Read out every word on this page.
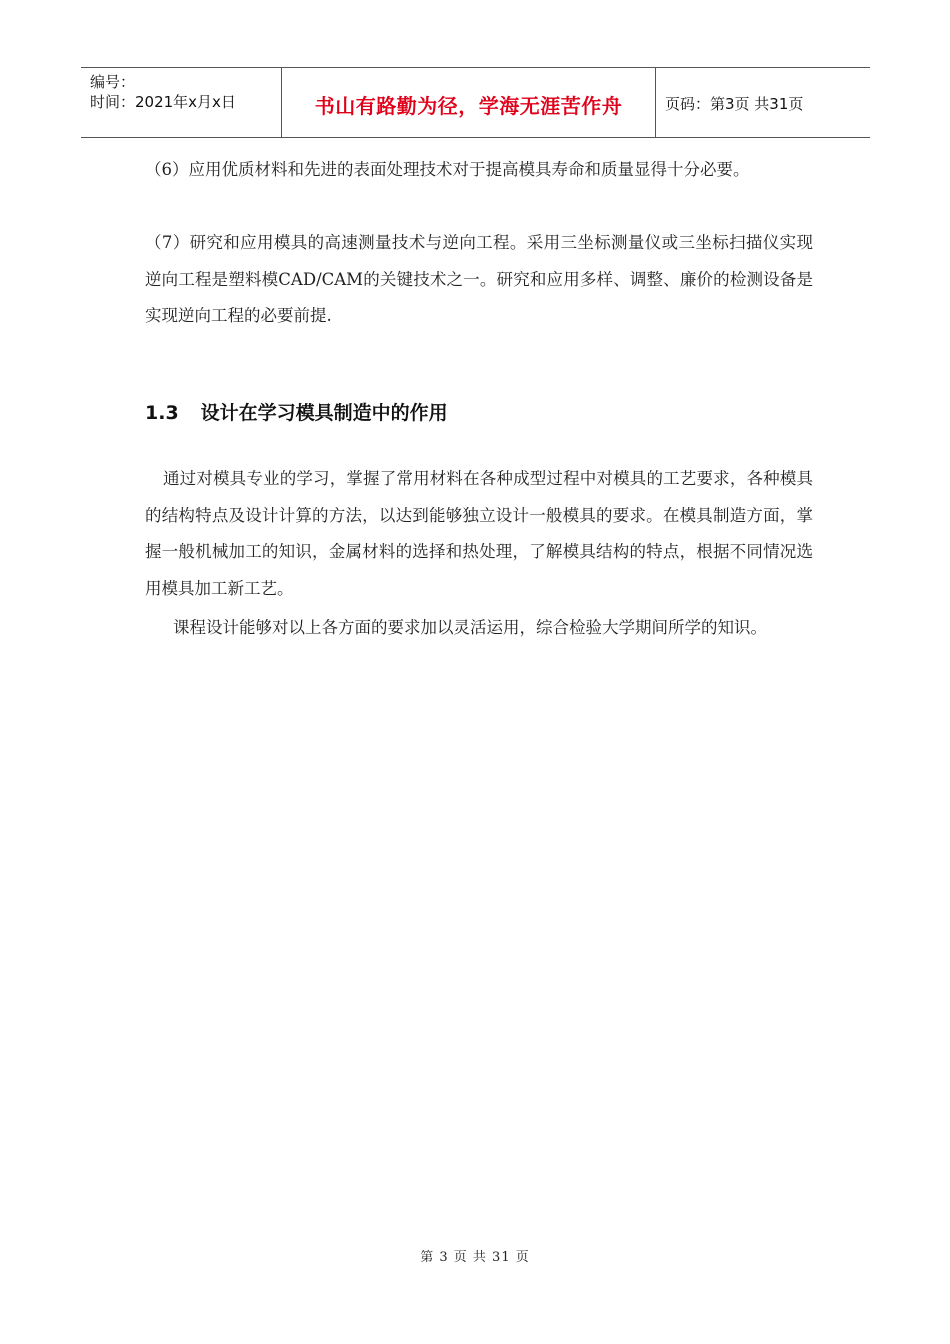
编号：
时间：2021年x月x日	书山有路勤为径，学海无涯苦作舟	页码：第3页 共31页

（6）应用优质材料和先进的表面处理技术对于提高模具寿命和质量显得十分必要。

（7）研究和应用模具的高速测量技术与逆向工程。采用三坐标测量仪或三坐标扫描仪实现逆向工程是塑料模CAD/CAM的关键技术之一。研究和应用多样、调整、廉价的检测设备是实现逆向工程的必要前提.

1.3 设计在学习模具制造中的作用

通过对模具专业的学习，掌握了常用材料在各种成型过程中对模具的工艺要求，各种模具的结构特点及设计计算的方法，以达到能够独立设计一般模具的要求。在模具制造方面，掌握一般机械加工的知识，金属材料的选择和热处理，了解模具结构的特点，根据不同情况选用模具加工新工艺。

课程设计能够对以上各方面的要求加以灵活运用，综合检验大学期间所学的知识。

第 3 页 共 31 页
